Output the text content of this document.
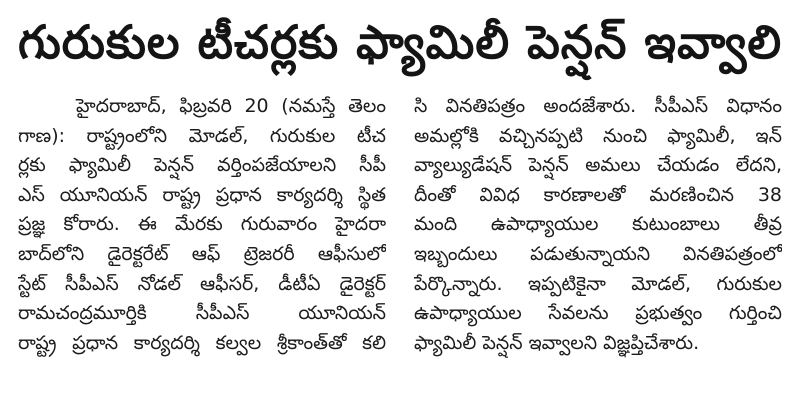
గురుకుల టీచర్లకు ఫ్యామిలీ పెన్షన్ ఇవ్వాలి
హైదరాబాద్, ఫిబ్రవరి 20 (నమస్తే తెలం
గాణ): రాష్ట్రంలోని మోడల్, గురుకుల టీచ
ర్లకు ఫ్యామిలీ పెన్షన్ వర్తింపజేయాలని సీపీ
ఎస్ యూనియన్ రాష్ట్ర ప్రధాన కార్యదర్శి స్థిత
ప్రజ్ఞ కోరారు. ఈ మేరకు గురువారం హైదరా
బాద్‌లోని డైరెక్టరేట్ ఆఫ్ ట్రెజరరీ ఆఫీసులో
స్టేట్ సీపీఎస్ నోడల్ ఆఫీసర్, డీటీఏ డైరెక్టర్
రామచంద్రమూర్తికి సీపీఎస్ యూనియన్
రాష్ట్ర ప్రధాన కార్యదర్శి కల్వల శ్రీకాంత్‌తో కలి
సి వినతిపత్రం అందజేశారు. సీపీఎస్ విధానం
అమల్లోకి వచ్చినప్పటి నుంచి ఫ్యామిలీ, ఇన్
వ్యాల్యుడేషన్ పెన్షన్ అమలు చేయడం లేదని,
దీంతో వివిధ కారణాలతో మరణించిన 38
మంది ఉపాధ్యాయుల కుటుంబాలు తీవ్ర
ఇబ్బందులు పడుతున్నాయని వినతిపత్రంలో
పేర్కొన్నారు. ఇప్పటికైనా మోడల్, గురుకుల
ఉపాధ్యాయుల సేవలను ప్రభుత్వం గుర్తించి
ఫ్యామిలీ పెన్షన్ ఇవ్వాలని విజ్ఞప్తిచేశారు.
